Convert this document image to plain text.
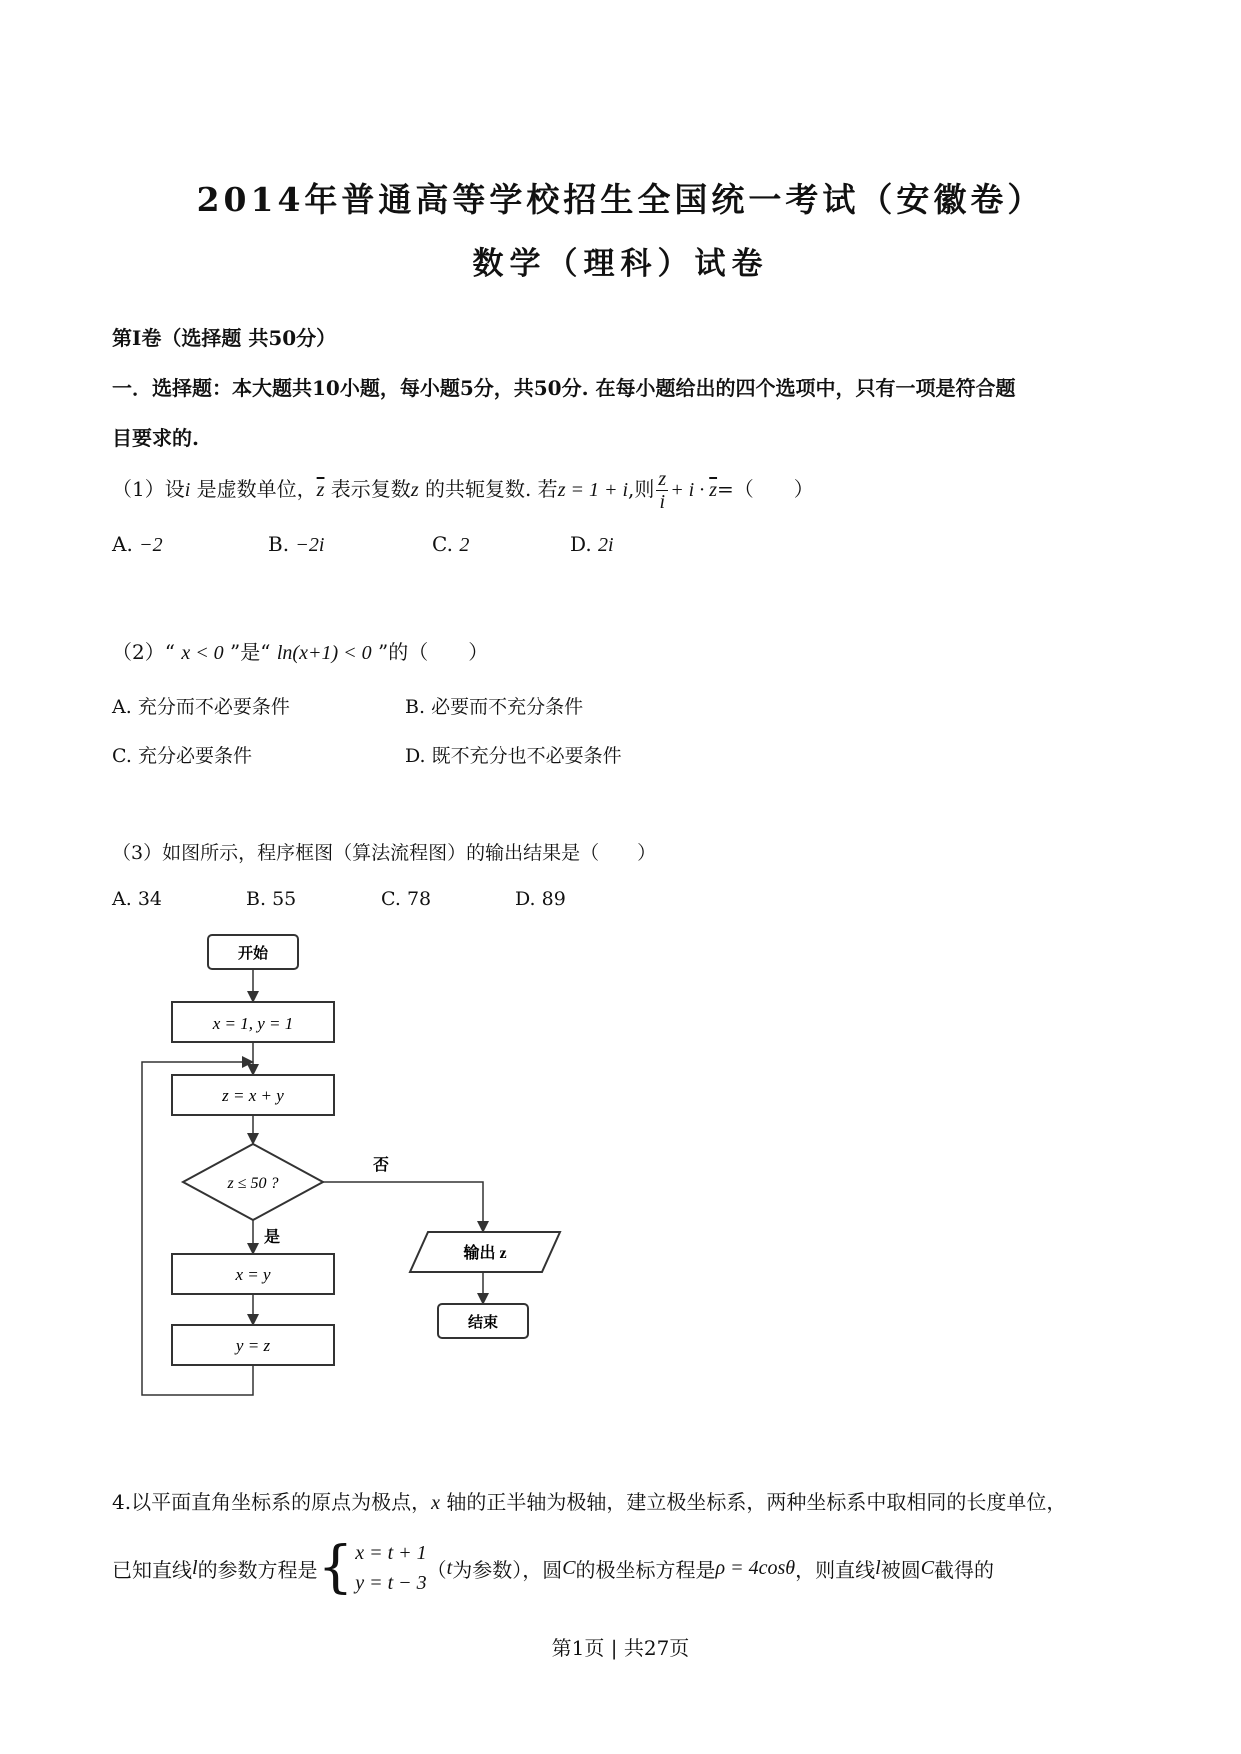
2014年普通高等学校招生全国统一考试（安徽卷）
数学（理科）试卷
第Ⅰ卷（选择题 共50分）
一．选择题：本大题共10小题，每小题5分，共50分. 在每小题给出的四个选项中，只有一项是符合题
目要求的.
（1）设i 是虚数单位，$\overline{z}$ 表示复数z 的共轭复数. 若z = 1 + i,则 $\frac{z}{i} + i \cdot \overline{z}=$（　　）
A. −2	B. −2i	C. 2	D. 2i
（2）“ x < 0 ”是“ ln(x+1) < 0 ”的（　　）
A. 充分而不必要条件	B. 必要而不充分条件
C. 充分必要条件	D. 既不充分也不必要条件
（3）如图所示，程序框图（算法流程图）的输出结果是（　　）
A. 34	B. 55	C. 78	D. 89
开始
x = 1, y = 1
z = x + y
z ≤ 50 ?
否
是
x = y
y = z
输出 z
结束
4.以平面直角坐标系的原点为极点，x 轴的正半轴为极轴，建立极坐标系，两种坐标系中取相同的长度单位，
已知直线 l 的参数方程是 { x = t + 1
y = t − 3
（ t 为参数），圆 C 的极坐标方程是 ρ = 4cosθ ，则直线 l 被圆 C 截得的
第1页 | 共27页
